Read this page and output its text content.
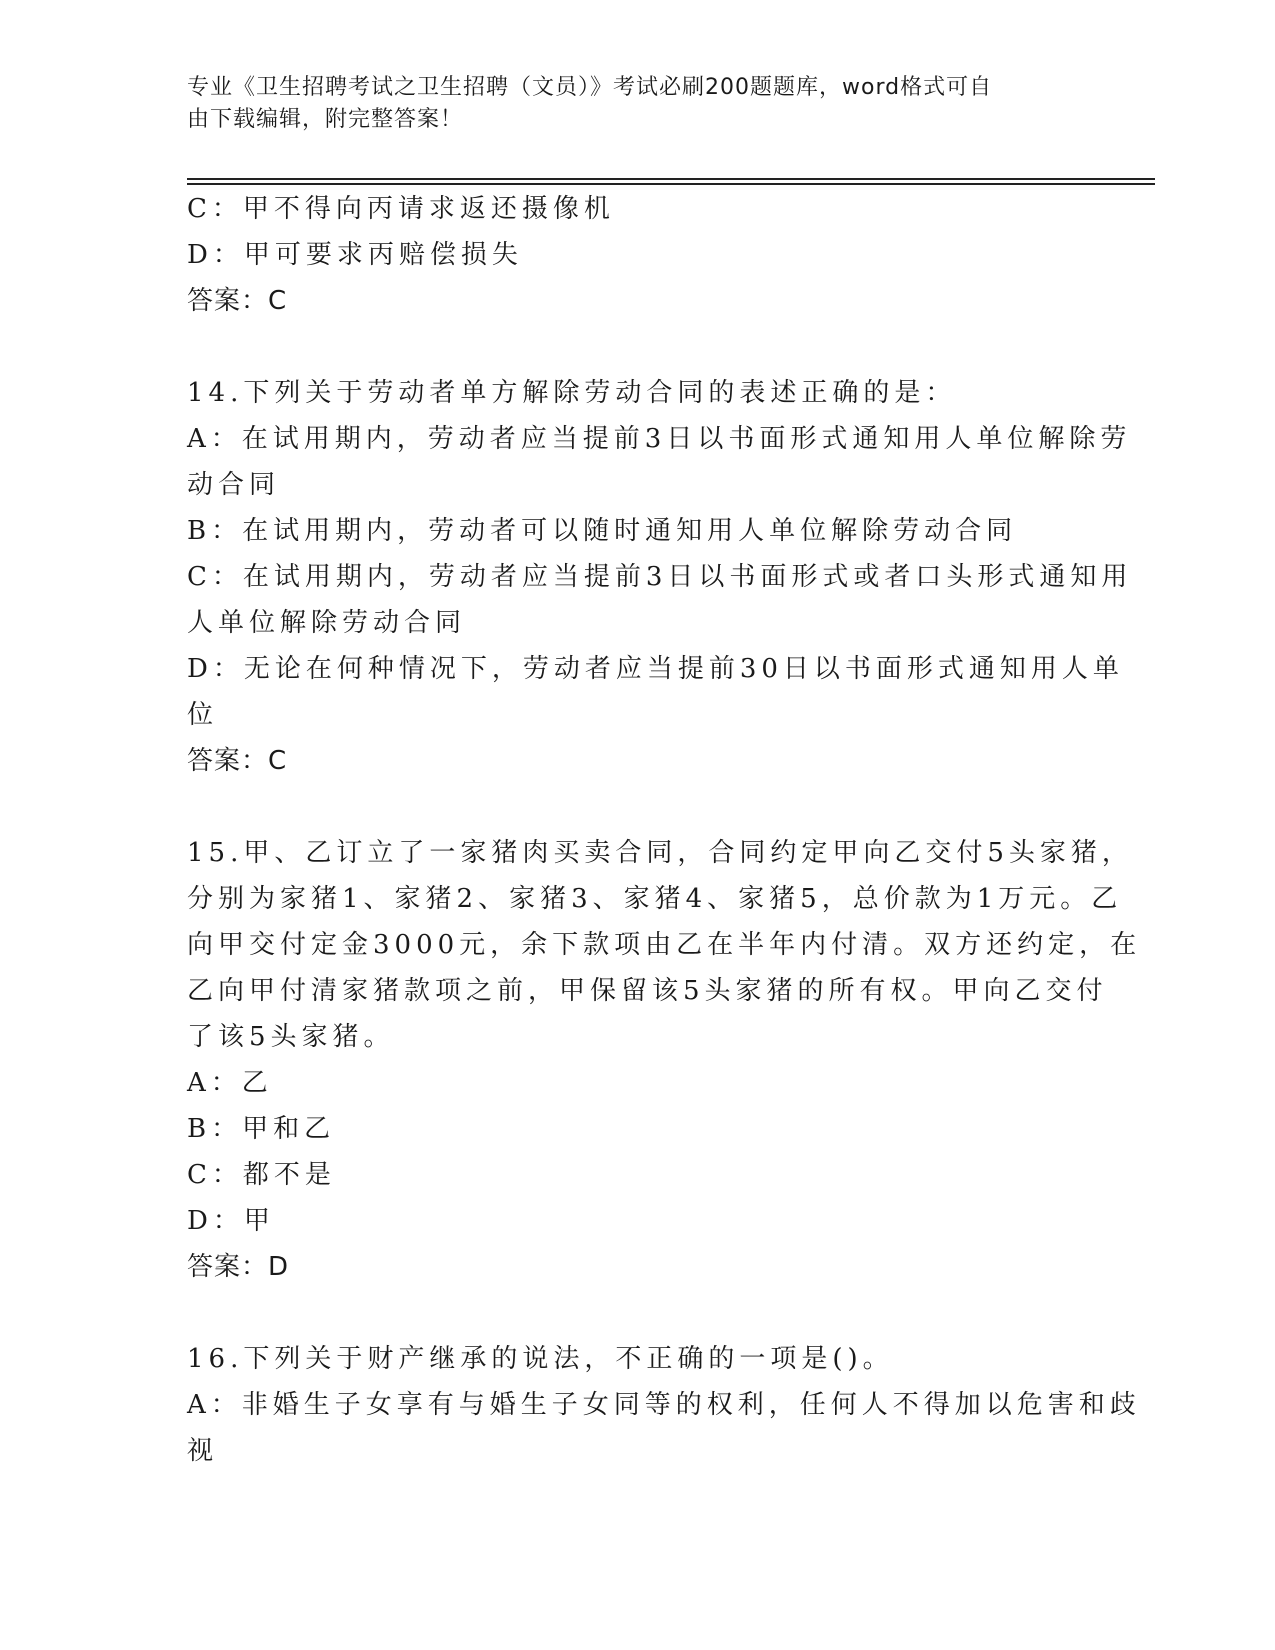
专业《卫生招聘考试之卫生招聘（文员）》考试必刷200题题库，word格式可自
由下载编辑，附完整答案！
C：甲不得向丙请求返还摄像机
D：甲可要求丙赔偿损失
答案：C
14.下列关于劳动者单方解除劳动合同的表述正确的是：
A：在试用期内，劳动者应当提前3日以书面形式通知用人单位解除劳
动合同
B：在试用期内，劳动者可以随时通知用人单位解除劳动合同
C：在试用期内，劳动者应当提前3日以书面形式或者口头形式通知用
人单位解除劳动合同
D：无论在何种情况下，劳动者应当提前30日以书面形式通知用人单
位
答案：C
15.甲、乙订立了一家猪肉买卖合同，合同约定甲向乙交付5头家猪，
分别为家猪1、家猪2、家猪3、家猪4、家猪5，总价款为1万元。乙
向甲交付定金3000元，余下款项由乙在半年内付清。双方还约定，在
乙向甲付清家猪款项之前，甲保留该5头家猪的所有权。甲向乙交付
了该5头家猪。
A：乙
B：甲和乙
C：都不是
D：甲
答案：D
16.下列关于财产继承的说法，不正确的一项是()。
A：非婚生子女享有与婚生子女同等的权利，任何人不得加以危害和歧
视
